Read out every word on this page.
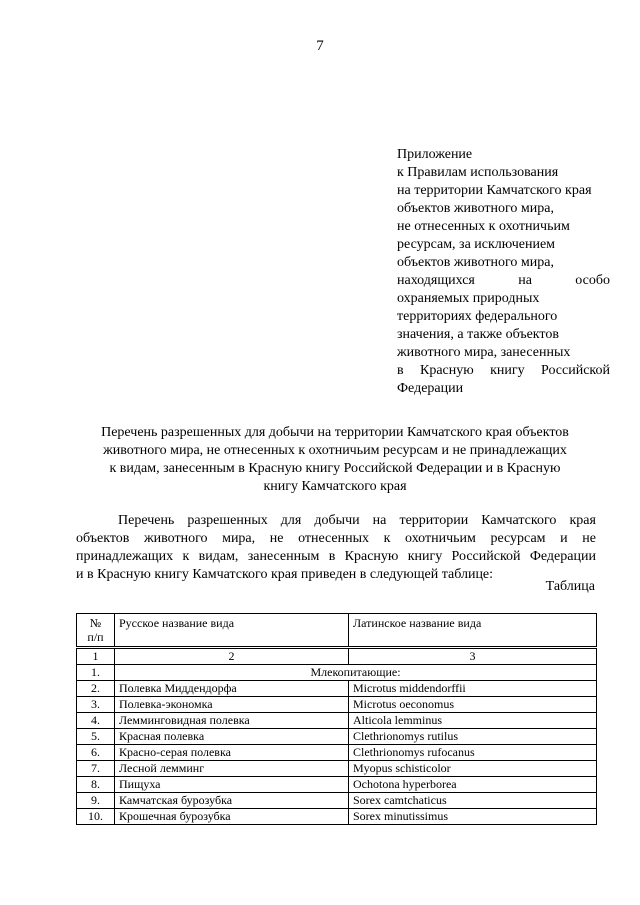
7
Приложение
к Правилам использования
на территории Камчатского края
объектов животного мира,
не отнесенных к охотничьим
ресурсам, за исключением
объектов животного мира,
находящихся	на	особо
охраняемых природных
территориях федерального
значения, а также объектов
животного мира, занесенных
в Красную книгу Российской
Федерации
Перечень разрешенных для добычи на территории Камчатского края объектов
животного мира, не отнесенных к охотничьим ресурсам и не принадлежащих
к видам, занесенным в Красную книгу Российской Федерации и в Красную
книгу Камчатского края
Перечень разрешенных для добычи на территории Камчатского края
объектов животного мира, не отнесенных к охотничьим ресурсам и не
принадлежащих к видам, занесенным в Красную книгу Российской Федерации
и в Красную книгу Камчатского края приведен в следующей таблице:
Таблица
№
п/п	Русское название вида	Латинское название вида
1	2	3
1.	Млекопитающие:	
2.	Полевка Миддендорфа	Microtus middendorffii
3.	Полевка-экономка	Microtus oeconomus
4.	Лемминговидная полевка	Alticola lemminus
5.	Красная полевка	Clethrionomys rutilus
6.	Красно-серая полевка	Clethrionomys rufocanus
7.	Лесной лемминг	Myopus schisticolor
8.	Пищуха	Ochotona hyperborea
9.	Камчатская бурозубка	Sorex camtchaticus
10.	Крошечная бурозубка	Sorex minutissimus
